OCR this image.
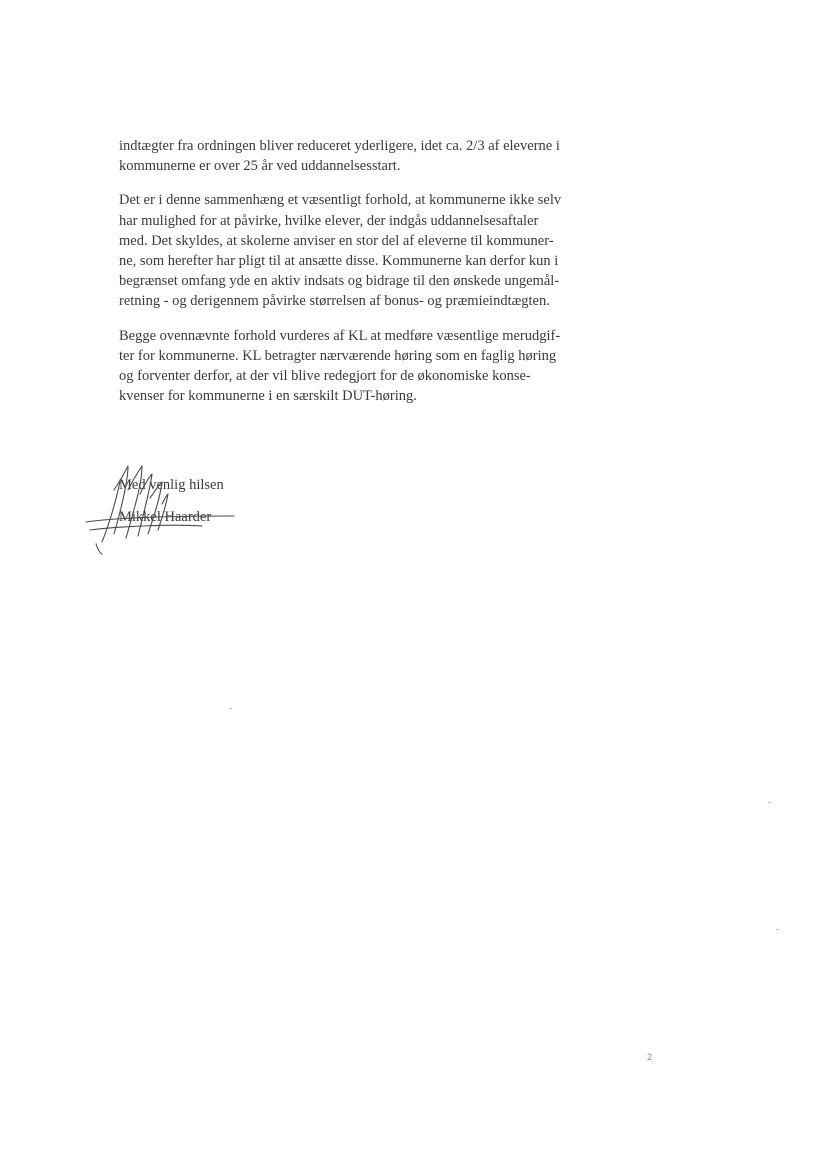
indtægter fra ordningen bliver reduceret yderligere, idet ca. 2/3 af eleverne i
kommunerne er over 25 år ved uddannelsesstart.

Det er i denne sammenhæng et væsentligt forhold, at kommunerne ikke selv
har mulighed for at påvirke, hvilke elever, der indgås uddannelsesaftaler
med. Det skyldes, at skolerne anviser en stor del af eleverne til kommuner-
ne, som herefter har pligt til at ansætte disse. Kommunerne kan derfor kun i
begrænset omfang yde en aktiv indsats og bidrage til den ønskede ungemål-
retning - og derigennem påvirke størrelsen af bonus- og præmieindtægten.

Begge ovennævnte forhold vurderes af KL at medføre væsentlige merudgif-
ter for kommunerne. KL betragter nærværende høring som en faglig høring
og forventer derfor, at der vil blive redegjort for de økonomiske konse-
kvenser for kommunerne i en særskilt DUT-høring.

Med venlig hilsen
Mikkel Haarder
2
